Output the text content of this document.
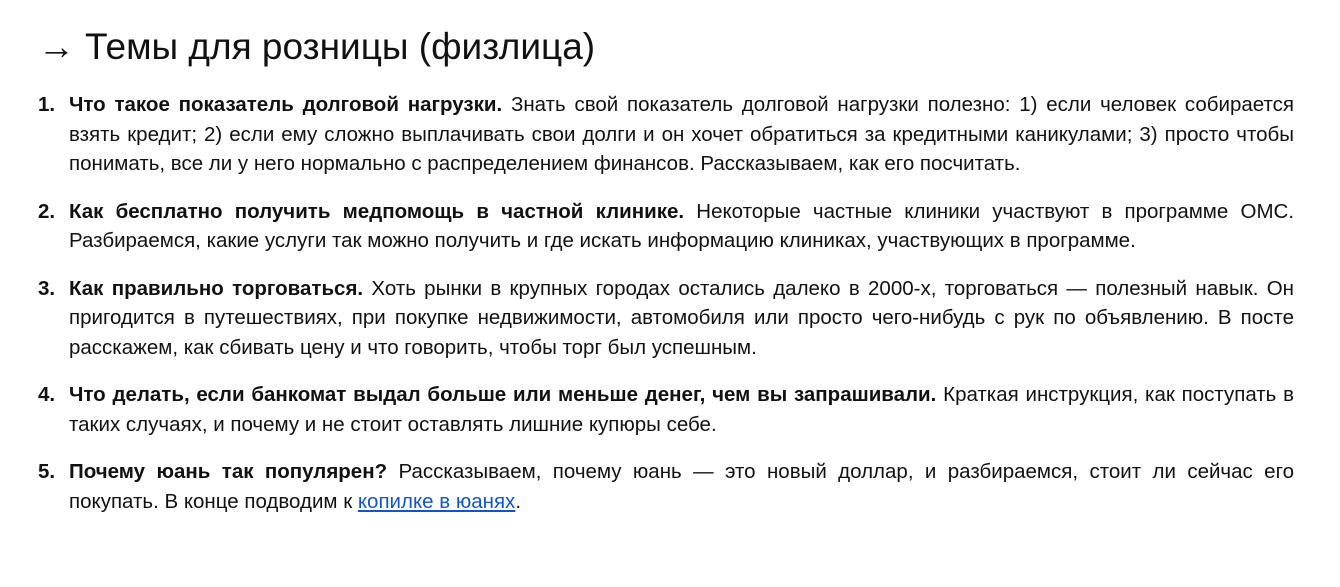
→ Темы для розницы (физлица)
1. Что такое показатель долговой нагрузки. Знать свой показатель долговой нагрузки полезно: 1) если человек собирается взять кредит; 2) если ему сложно выплачивать свои долги и он хочет обратиться за кредитными каникулами; 3) просто чтобы понимать, все ли у него нормально с распределением финансов. Рассказываем, как его посчитать.
2. Как бесплатно получить медпомощь в частной клинике. Некоторые частные клиники участвуют в программе ОМС. Разбираемся, какие услуги так можно получить и где искать информацию клиниках, участвующих в программе.
3. Как правильно торговаться. Хоть рынки в крупных городах остались далеко в 2000-х, торговаться — полезный навык. Он пригодится в путешествиях, при покупке недвижимости, автомобиля или просто чего-нибудь с рук по объявлению. В посте расскажем, как сбивать цену и что говорить, чтобы торг был успешным.
4. Что делать, если банкомат выдал больше или меньше денег, чем вы запрашивали. Краткая инструкция, как поступать в таких случаях, и почему и не стоит оставлять лишние купюры себе.
5. Почему юань так популярен? Рассказываем, почему юань — это новый доллар, и разбираемся, стоит ли сейчас его покупать. В конце подводим к копилке в юанях.
